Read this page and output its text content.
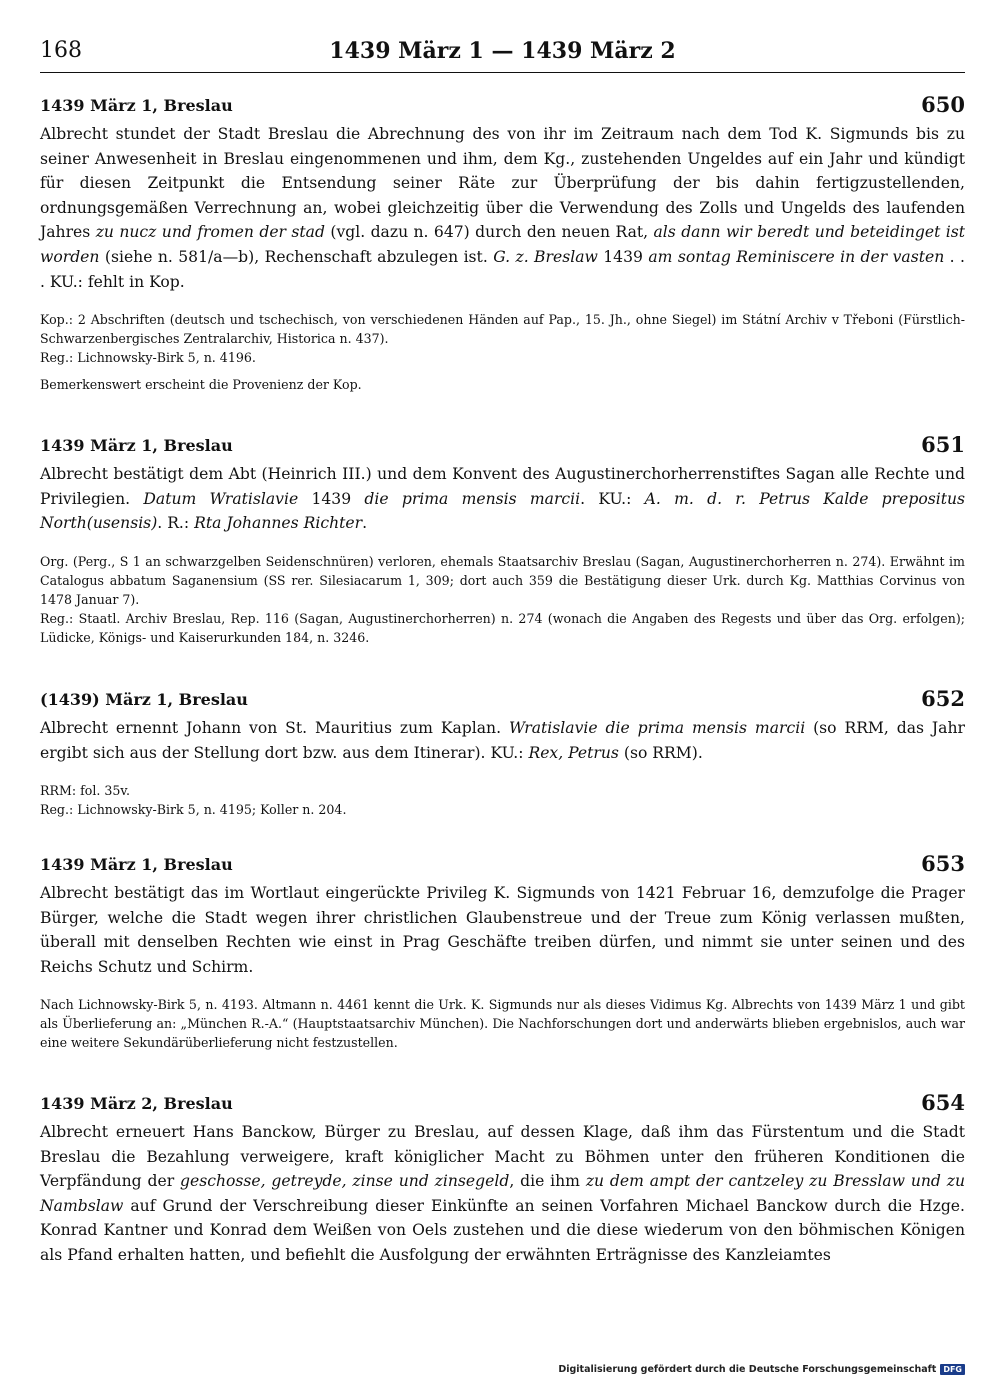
168	1439 März 1 — 1439 März 2
1439 März 1, Breslau	650

Albrecht stundet der Stadt Breslau die Abrechnung des von ihr im Zeitraum nach dem Tod K. Sigmunds bis zu seiner Anwesenheit in Breslau eingenommenen und ihm, dem Kg., zustehenden Ungeldes auf ein Jahr und kündigt für diesen Zeitpunkt die Entsendung seiner Räte zur Überprüfung der bis dahin fertigzustellenden, ordnungsgemäßen Verrechnung an, wobei gleichzeitig über die Verwendung des Zolls und Ungelds des laufenden Jahres zu nucz und fromen der stad (vgl. dazu n. 647) durch den neuen Rat, als dann wir beredt und beteidinget ist worden (siehe n. 581/a—b), Rechenschaft abzulegen ist. G. z. Breslaw 1439 am sontag Reminiscere in der vasten . . . KU.: fehlt in Kop.

Kop.: 2 Abschriften (deutsch und tschechisch, von verschiedenen Händen auf Pap., 15. Jh., ohne Siegel) im Státní Archiv v Třeboni (Fürstlich-Schwarzenbergisches Zentralarchiv, Historica n. 437).

Reg.: Lichnowsky-Birk 5, n. 4196.

Bemerkenswert erscheint die Provenienz der Kop.

1439 März 1, Breslau	651

Albrecht bestätigt dem Abt (Heinrich III.) und dem Konvent des Augustinerchorherrenstiftes Sagan alle Rechte und Privilegien. Datum Wratislavie 1439 die prima mensis marcii. KU.: A. m. d. r. Petrus Kalde prepositus North(usensis). R.: Rta Johannes Richter.

Org. (Perg., S 1 an schwarzgelben Seidenschnüren) verloren, ehemals Staatsarchiv Breslau (Sagan, Augustinerchorherren n. 274). Erwähnt im Catalogus abbatum Saganensium (SS rer. Silesiacarum 1, 309; dort auch 359 die Bestätigung dieser Urk. durch Kg. Matthias Corvinus von 1478 Januar 7).

Reg.: Staatl. Archiv Breslau, Rep. 116 (Sagan, Augustinerchorherren) n. 274 (wonach die Angaben des Regests und über das Org. erfolgen); Lüdicke, Königs- und Kaiserurkunden 184, n. 3246.

(1439) März 1, Breslau	652

Albrecht ernennt Johann von St. Mauritius zum Kaplan. Wratislavie die prima mensis marcii (so RRM, das Jahr ergibt sich aus der Stellung dort bzw. aus dem Itinerar). KU.: Rex, Petrus (so RRM).

RRM: fol. 35v.

Reg.: Lichnowsky-Birk 5, n. 4195; Koller n. 204.

1439 März 1, Breslau	653

Albrecht bestätigt das im Wortlaut eingerückte Privileg K. Sigmunds von 1421 Februar 16, demzufolge die Prager Bürger, welche die Stadt wegen ihrer christlichen Glaubenstreue und der Treue zum König verlassen mußten, überall mit denselben Rechten wie einst in Prag Geschäfte treiben dürfen, und nimmt sie unter seinen und des Reichs Schutz und Schirm.

Nach Lichnowsky-Birk 5, n. 4193. Altmann n. 4461 kennt die Urk. K. Sigmunds nur als dieses Vidimus Kg. Albrechts von 1439 März 1 und gibt als Überlieferung an: „München R.-A.“ (Hauptstaatsarchiv München). Die Nachforschungen dort und anderwärts blieben ergebnislos, auch war eine weitere Sekundärüberlieferung nicht festzustellen.

1439 März 2, Breslau	654

Albrecht erneuert Hans Banckow, Bürger zu Breslau, auf dessen Klage, daß ihm das Fürstentum und die Stadt Breslau die Bezahlung verweigere, kraft königlicher Macht zu Böhmen unter den früheren Konditionen die Verpfändung der geschosse, getreyde, zinse und zinsegeld, die ihm zu dem ampt der cantzeley zu Bresslaw und zu Nambslaw auf Grund der Verschreibung dieser Einkünfte an seinen Vorfahren Michael Banckow durch die Hzge. Konrad Kantner und Konrad dem Weißen von Oels zustehen und die diese wiederum von den böhmischen Königen als Pfand erhalten hatten, und befiehlt die Ausfolgung der erwähnten Erträgnisse des Kanzleiamtes

Digitalisierung gefördert durch die Deutsche Forschungsgemeinschaft DFG
